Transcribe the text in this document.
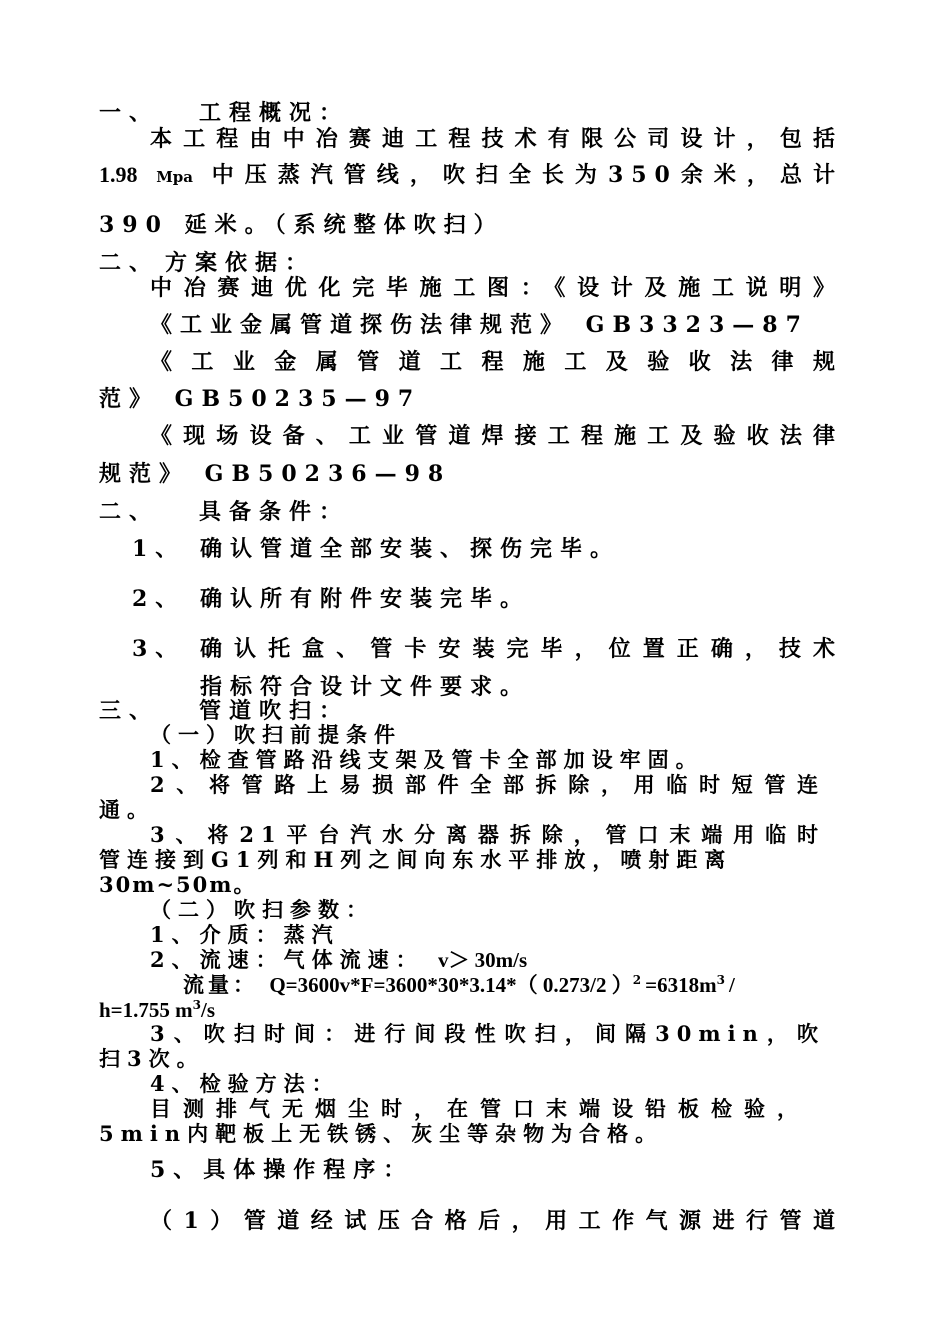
一、 工程概况：
本工程由中冶赛迪工程技术有限公司设计，包括
1.98 Mpa 中压蒸汽管线，吹扫全长为350余米，总计
390 延米。（系统整体吹扫）
二、 方案依据：
中冶赛迪优化完毕施工图：《设计及施工说明》
《工业金属管道探伤法律规范》 GB3323—87
《工业金属管道工程施工及验收法律规
范》 GB50235—97
《现场设备、工业管道焊接工程施工及验收法律
规范》 GB50236—98
二、 具备条件：
1、 确认管道全部安装、探伤完毕。
2、 确认所有附件安装完毕。
3、 确认托盒、管卡安装完毕，位置正确，技术
指标符合设计文件要求。
三、 管道吹扫：
（一）吹扫前提条件
1、检查管路沿线支架及管卡全部加设牢固。
2、将管路上易损部件全部拆除，用临时短管连
通。
3、将21平台汽水分离器拆除，管口末端用临时
管连接到G1列和H列之间向东水平排放，喷射距离
30m~50m。
（二）吹扫参数：
1、介质：蒸汽
2、流速：气体流速： v＞ 30m/s
流量： Q=3600v*F=3600*30*3.14*（ 0.273/2 ）$^2=6318m^3/$
h=1.755 $m^3/s$
3、吹扫时间：进行间段性吹扫，间隔30min，吹
扫3次。
4、检验方法：
目测排气无烟尘时，在管口末端设铅板检验，
5min内靶板上无铁锈、灰尘等杂物为合格。
5、具体操作程序：
（1）管道经试压合格后，用工作气源进行管道
